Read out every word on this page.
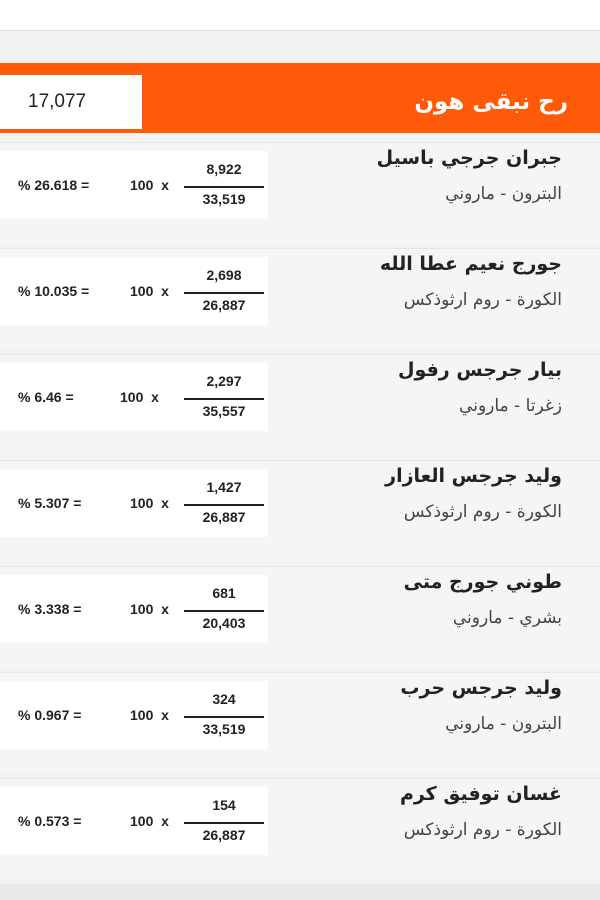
17,077	رح نبقى هون
% 26.618 =	100  x
8,922
33,519
جبران جرجي باسيل
البترون - ماروني
% 10.035 =	100  x
2,698
26,887
جورج نعيم عطا الله
الكورة - روم ارثوذكس
% 6.46 =	100  x
2,297
35,557
بيار جرجس رفول
زغرتا - ماروني
% 5.307 =	100  x
1,427
26,887
وليد جرجس العازار
الكورة - روم ارثوذكس
% 3.338 =	100  x
681
20,403
طوني جورج متى
بشري - ماروني
% 0.967 =	100  x
324
33,519
وليد جرجس حرب
البترون - ماروني
% 0.573 =	100  x
154
26,887
غسان توفيق كرم
الكورة - روم ارثوذكس
